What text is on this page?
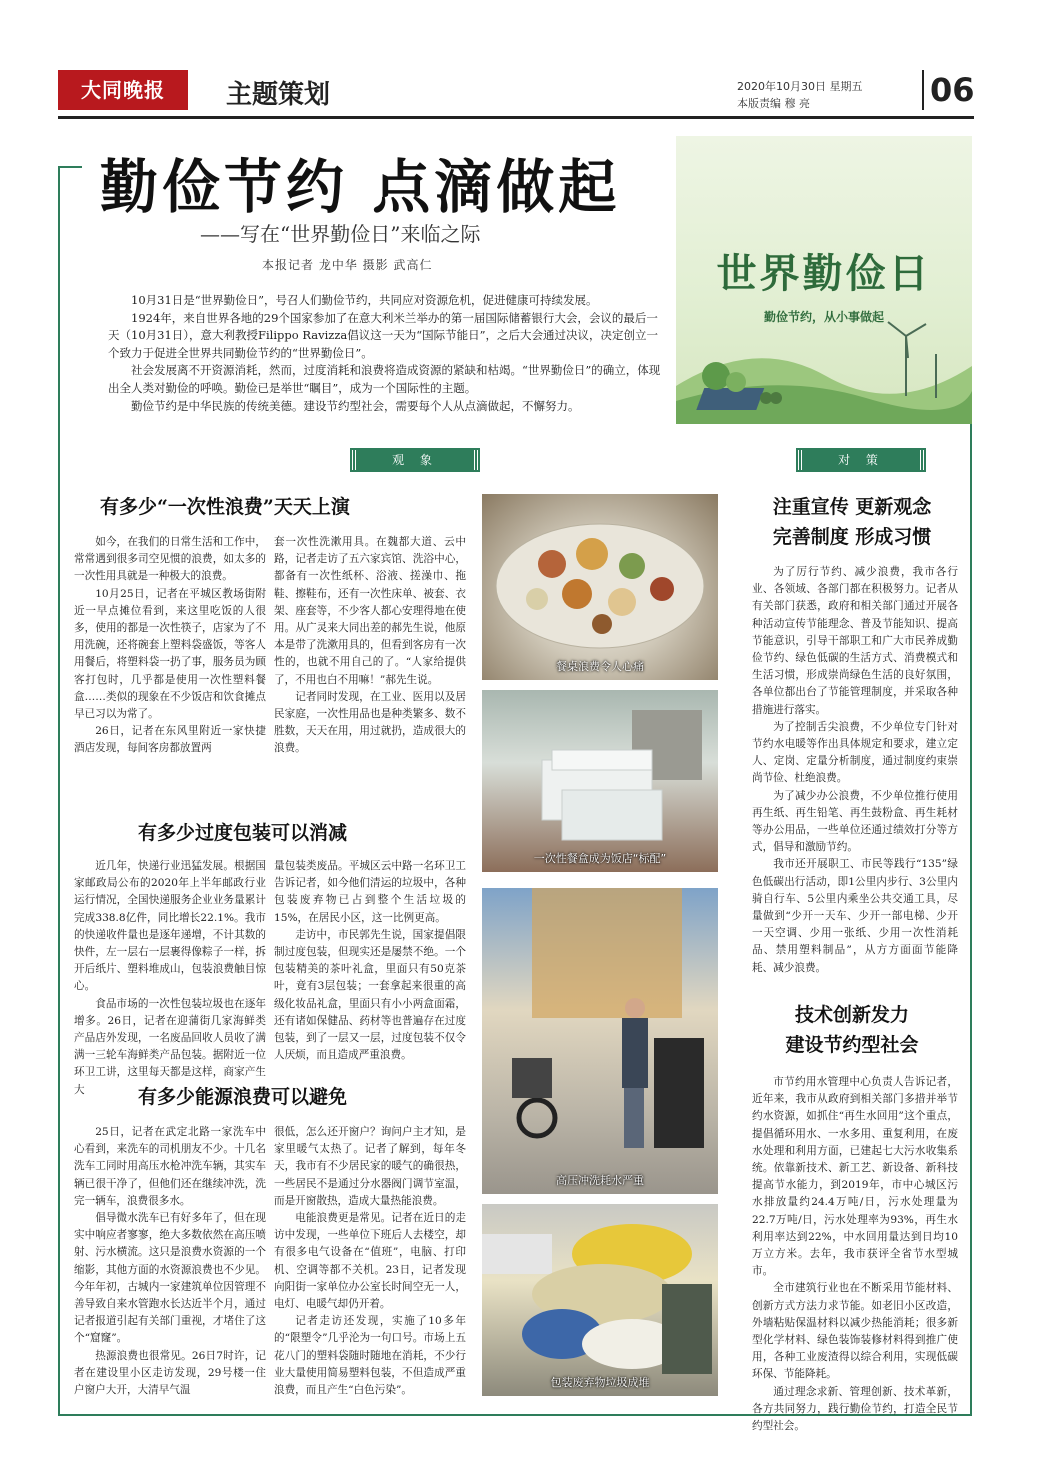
大同晚报	主题策划	2020年10月30日 星期五
本版责编 穆 亮	06
勤俭节约 点滴做起
——写在“世界勤俭日”来临之际
本报记者 龙中华 摄影 武高仁

10月31日是“世界勤俭日”，号召人们勤俭节约，共同应对资源危机，促进健康可持续发展。

1924年，来自世界各地的29个国家参加了在意大利米兰举办的第一届国际储蓄银行大会，会议的最后一天（10月31日），意大利教授Filippo Ravizza倡议这一天为“国际节能日”，之后大会通过决议，决定创立一个致力于促进全世界共同勤俭节约的“世界勤俭日”。

社会发展离不开资源消耗，然而，过度消耗和浪费将造成资源的紧缺和枯竭。“世界勤俭日”的确立，体现出全人类对勤俭的呼唤。勤俭已是举世“瞩目”，成为一个国际性的主题。

勤俭节约是中华民族的传统美德。建设节约型社会，需要每个人从点滴做起，不懈努力。

世界勤俭日
勤俭节约，从小事做起
观 象	对 策
有多少“一次性浪费”天天上演

如今，在我们的日常生活和工作中，常常遇到很多司空见惯的浪费，如太多的一次性用具就是一种极大的浪费。

10月25日，记者在平城区教场街附近一早点摊位看到，来这里吃饭的人很多，使用的都是一次性筷子，店家为了不用洗碗，还将碗套上塑料袋盛饭，等客人用餐后，将塑料袋一扔了事，服务员为顾客打包时，几乎都是使用一次性塑料餐盒……类似的现象在不少饭店和饮食摊点早已习以为常了。

26日，记者在东风里附近一家快捷酒店发现，每间客房都放置两

套一次性洗漱用具。在魏都大道、云中路，记者走访了五六家宾馆、洗浴中心，都备有一次性纸杯、浴液、搓澡巾、拖鞋、擦鞋布，还有一次性床单、被套、衣架、座套等，不少客人都心安理得地在使用。从广灵来大同出差的郝先生说，他原本是带了洗漱用具的，但看到客房有一次性的，也就不用自己的了。“人家给提供了，不用也白不用嘛！”郝先生说。

记者同时发现，在工业、医用以及居民家庭，一次性用品也是种类繁多、数不胜数，天天在用，用过就扔，造成很大的浪费。

有多少过度包装可以消减

近几年，快递行业迅猛发展。根据国家邮政局公布的2020年上半年邮政行业运行情况，全国快递服务企业业务量累计完成338.8亿件，同比增长22.1%。我市的快递收件量也是逐年递增，不计其数的快件，左一层右一层裹得像粽子一样，拆开后纸片、塑料堆成山，包装浪费触目惊心。

食品市场的一次性包装垃圾也在逐年增多。26日，记者在迎蒲街几家海鲜类产品店外发现，一名废品回收人员收了满满一三轮车海鲜类产品包装。据附近一位环卫工讲，这里每天都是这样，商家产生大

量包装类废品。平城区云中路一名环卫工告诉记者，如今他们清运的垃圾中，各种包装废弃物已占到整个生活垃圾的15%，在居民小区，这一比例更高。

走访中，市民郭先生说，国家提倡限制过度包装，但现实还是屡禁不绝。一个包装精美的茶叶礼盒，里面只有50克茶叶，竟有3层包装；一套拿起来很重的高级化妆品礼盒，里面只有小小两盒面霜，还有诸如保健品、药材等也普遍存在过度包装，到了一层又一层，过度包装不仅令人厌烦，而且造成严重浪费。

有多少能源浪费可以避免

25日，记者在武定北路一家洗车中心看到，来洗车的司机朋友不少。十几名洗车工同时用高压水枪冲洗车辆，其实车辆已很干净了，但他们还在继续冲洗，洗完一辆车，浪费很多水。

倡导微水洗车已有好多年了，但在现实中响应者寥寥，绝大多数依然在高压喷射、污水横流。这只是浪费水资源的一个缩影，其他方面的水资源浪费也不少见。今年年初，古城内一家建筑单位因管理不善导致自来水管跑水长达近半个月，通过记者报道引起有关部门重视，才堵住了这个“窟窿”。

热源浪费也很常见。26日7时许，记者在建设里小区走访发现，29号楼一住户窗户大开，大清早气温

很低，怎么还开窗户？询问户主才知，是家里暖气太热了。记者了解到，每年冬天，我市有不少居民家的暖气的确很热，一些居民不是通过分水器阀门调节室温，而是开窗散热，造成大量热能浪费。

电能浪费更是常见。记者在近日的走访中发现，一些单位下班后人去楼空，却有很多电气设备在“值班”，电脑、打印机、空调等都不关机。23日，记者发现向阳街一家单位办公室长时间空无一人，电灯、电暖气却仍开着。

记者走访还发现，实施了10多年的“限塑令”几乎沦为一句口号。市场上五花八门的塑料袋随时随地在消耗，不少行业大量使用简易塑料包装，不但造成严重浪费，而且产生“白色污染”。

餐桌浪费令人心痛
一次性餐盒成为饭店“标配”
高压冲洗耗水严重
包装废弃物垃圾成堆
注重宣传 更新观念
完善制度 形成习惯

为了厉行节约、减少浪费，我市各行业、各领域、各部门都在积极努力。记者从有关部门获悉，政府和相关部门通过开展各种活动宣传节能理念、普及节能知识、提高节能意识，引导干部职工和广大市民养成勤俭节约、绿色低碳的生活方式、消费模式和生活习惯，形成崇尚绿色生活的良好氛围，各单位都出台了节能管理制度，并采取各种措施进行落实。

为了控制舌尖浪费，不少单位专门针对节约水电暖等作出具体规定和要求，建立定人、定岗、定量分析制度，通过制度约束崇尚节俭、杜绝浪费。

为了减少办公浪费，不少单位推行使用再生纸、再生铅笔、再生鼓粉盒、再生耗材等办公用品，一些单位还通过绩效打分等方式，倡导和激励节约。

我市还开展职工、市民等践行“135”绿色低碳出行活动，即1公里内步行、3公里内骑自行车、5公里内乘坐公共交通工具，尽量做到“少开一天车、少开一部电梯、少开一天空调、少用一张纸、少用一次性消耗品、禁用塑料制品”，从方方面面节能降耗、减少浪费。

技术创新发力
建设节约型社会

市节约用水管理中心负责人告诉记者，近年来，我市从政府到相关部门多措并举节约水资源，如抓住“再生水回用”这个重点，提倡循环用水、一水多用、重复利用，在废水处理和利用方面，已建起七大污水收集系统。依靠新技术、新工艺、新设备、新科技提高节水能力，到2019年，市中心城区污水排放量约24.4万吨/日，污水处理量为22.7万吨/日，污水处理率为93%，再生水利用率达到22%，中水回用量达到日均10万立方米。去年，我市获评全省节水型城市。

全市建筑行业也在不断采用节能材料、创新方式方法力求节能。如老旧小区改造，外墙粘贴保温材料以减少热能消耗；很多新型化学材料、绿色装饰装修材料得到推广使用，各种工业废渣得以综合利用，实现低碳环保、节能降耗。

通过理念求新、管理创新、技术革新，各方共同努力，践行勤俭节约，打造全民节约型社会。
